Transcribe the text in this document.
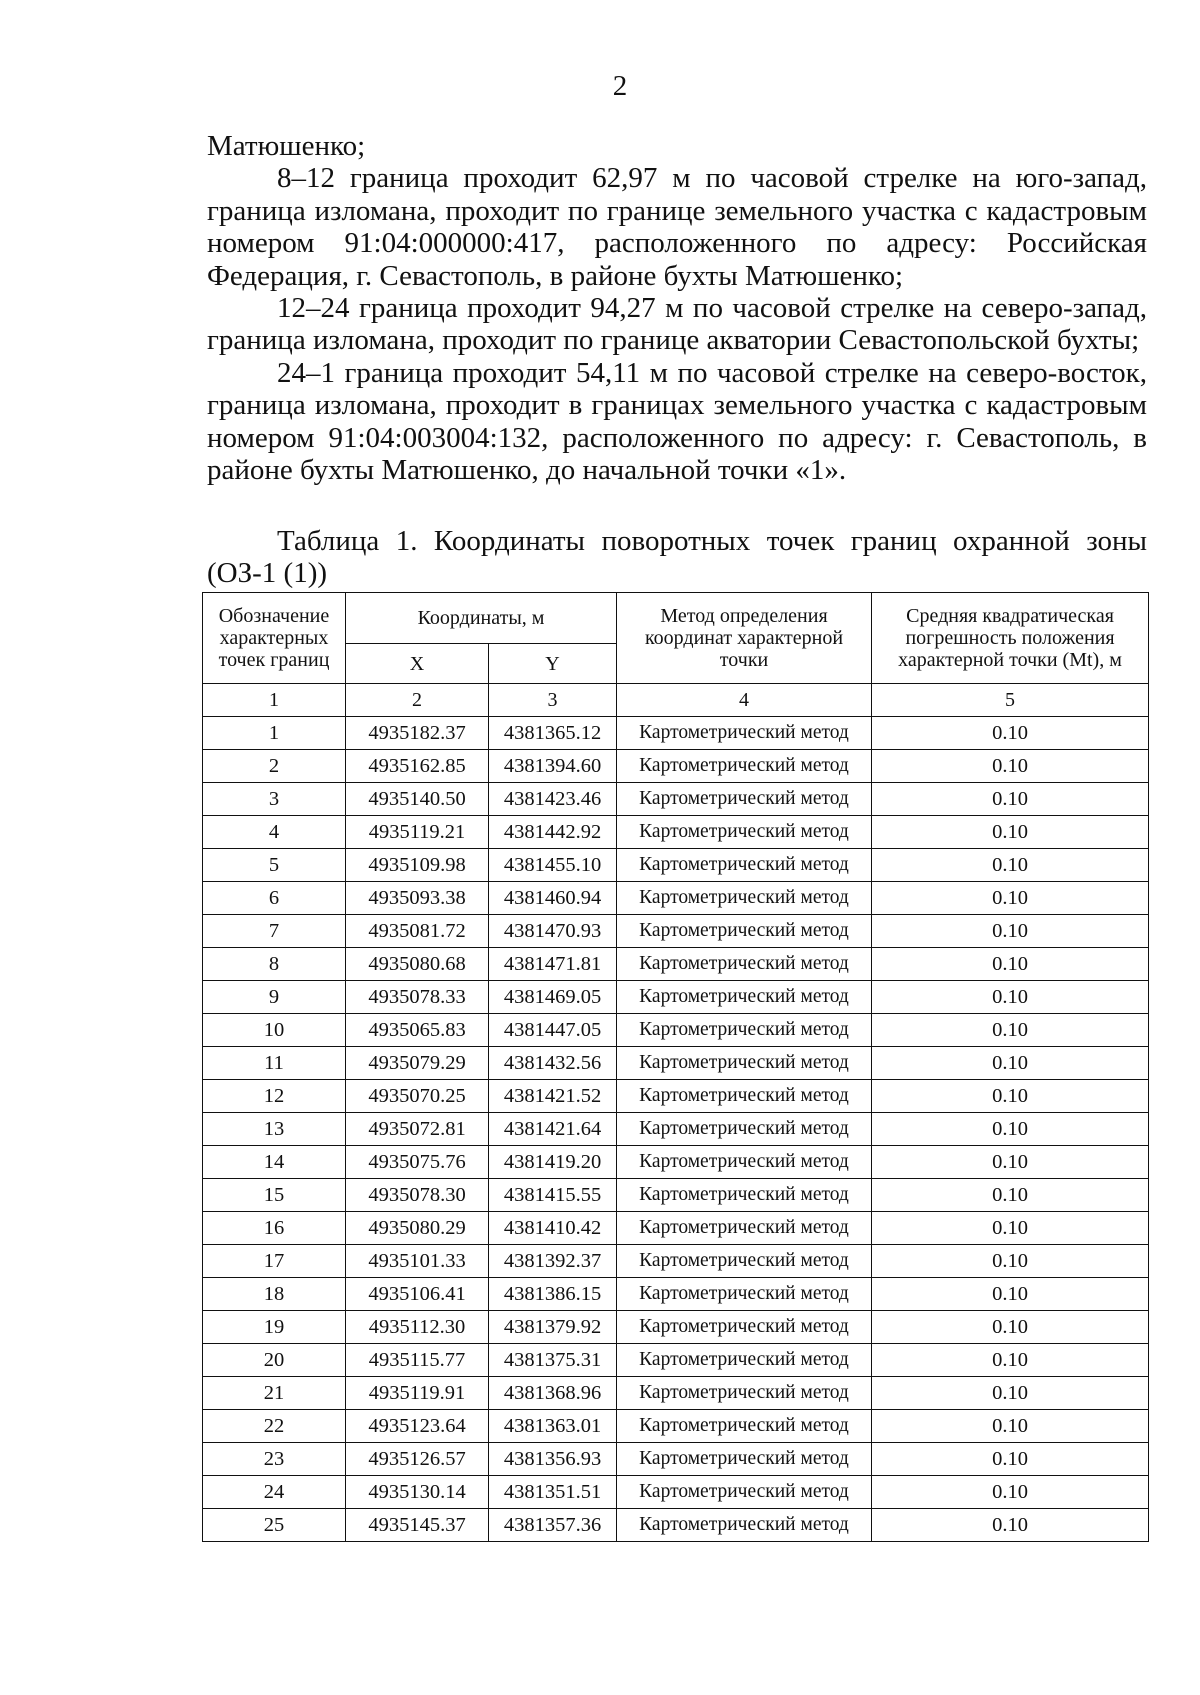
2

Матюшенко;

8–12 граница проходит 62,97 м по часовой стрелке на юго-запад, граница изломана, проходит по границе земельного участка с кадастровым номером 91:04:000000:417, расположенного по адресу: Российская Федерация, г. Севастополь, в районе бухты Матюшенко;

12–24 граница проходит 94,27 м по часовой стрелке на северо-запад, граница изломана, проходит по границе акватории Севастопольской бухты;

24–1 граница проходит 54,11 м по часовой стрелке на северо-восток, граница изломана, проходит в границах земельного участка с кадастровым номером 91:04:003004:132, расположенного по адресу: г. Севастополь, в районе бухты Матюшенко, до начальной точки «1».

Таблица 1. Координаты поворотных точек границ охранной зоны (ОЗ-1 (1))

Обозначение характерных точек границ	Координаты, м		Метод определения координат характерной точки	Средняя квадратическая погрешность положения характерной точки (Mt), м
	X	Y		
1	2	3	4	5
1	4935182.37	4381365.12	Картометрический метод	0.10
2	4935162.85	4381394.60	Картометрический метод	0.10
3	4935140.50	4381423.46	Картометрический метод	0.10
4	4935119.21	4381442.92	Картометрический метод	0.10
5	4935109.98	4381455.10	Картометрический метод	0.10
6	4935093.38	4381460.94	Картометрический метод	0.10
7	4935081.72	4381470.93	Картометрический метод	0.10
8	4935080.68	4381471.81	Картометрический метод	0.10
9	4935078.33	4381469.05	Картометрический метод	0.10
10	4935065.83	4381447.05	Картометрический метод	0.10
11	4935079.29	4381432.56	Картометрический метод	0.10
12	4935070.25	4381421.52	Картометрический метод	0.10
13	4935072.81	4381421.64	Картометрический метод	0.10
14	4935075.76	4381419.20	Картометрический метод	0.10
15	4935078.30	4381415.55	Картометрический метод	0.10
16	4935080.29	4381410.42	Картометрический метод	0.10
17	4935101.33	4381392.37	Картометрический метод	0.10
18	4935106.41	4381386.15	Картометрический метод	0.10
19	4935112.30	4381379.92	Картометрический метод	0.10
20	4935115.77	4381375.31	Картометрический метод	0.10
21	4935119.91	4381368.96	Картометрический метод	0.10
22	4935123.64	4381363.01	Картометрический метод	0.10
23	4935126.57	4381356.93	Картометрический метод	0.10
24	4935130.14	4381351.51	Картометрический метод	0.10
25	4935145.37	4381357.36	Картометрический метод	0.10
